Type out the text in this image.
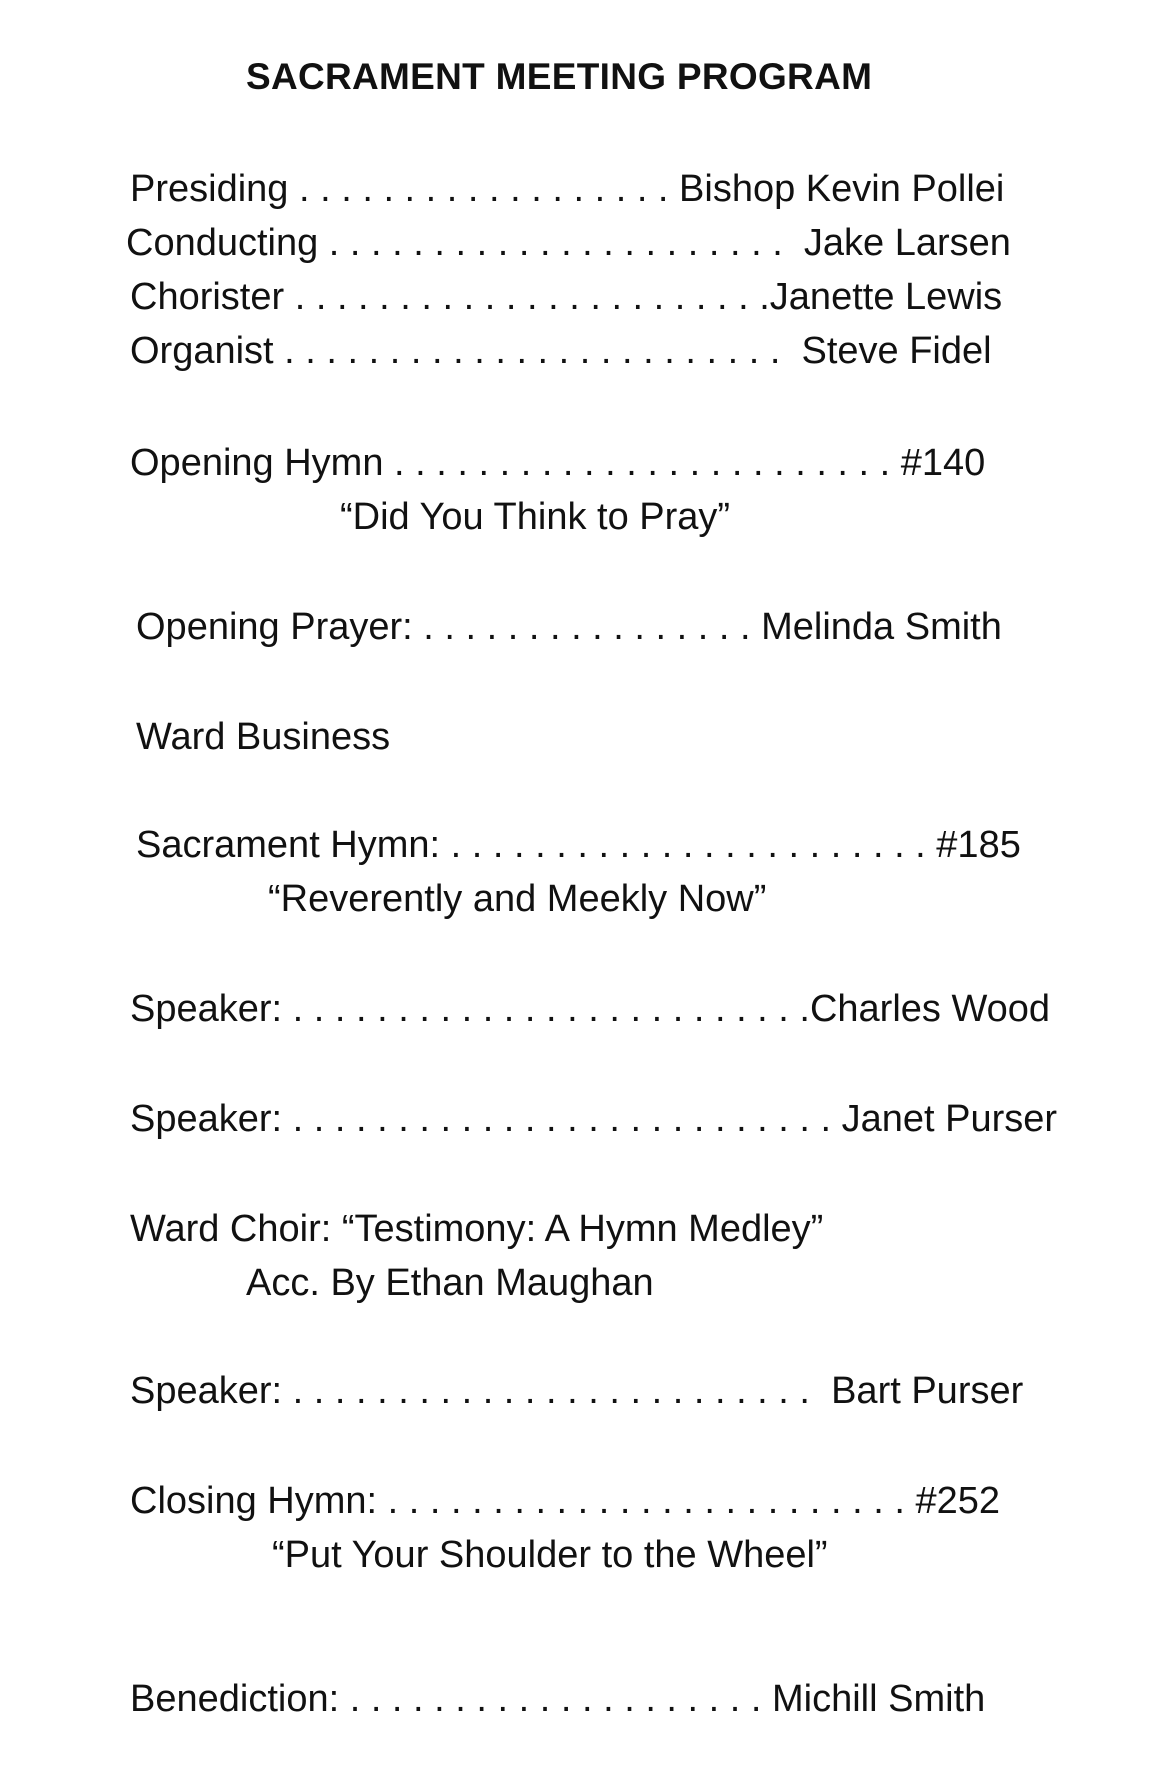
SACRAMENT MEETING PROGRAM
Presiding . . . . . . . . . . . . . . . . . . Bishop Kevin Pollei
Conducting . . . . . . . . . . . . . . . . . . . . . .  Jake Larsen
Chorister . . . . . . . . . . . . . . . . . . . . . . .Janette Lewis
Organist . . . . . . . . . . . . . . . . . . . . . . . .  Steve Fidel
Opening Hymn . . . . . . . . . . . . . . . . . . . . . . . . #140
“Did You Think to Pray”
Opening Prayer: . . . . . . . . . . . . . . . . Melinda Smith
Ward Business
Sacrament Hymn: . . . . . . . . . . . . . . . . . . . . . . . #185
“Reverently and Meekly Now”
Speaker: . . . . . . . . . . . . . . . . . . . . . . . . .Charles Wood
Speaker: . . . . . . . . . . . . . . . . . . . . . . . . . . Janet Purser
Ward Choir: “Testimony: A Hymn Medley”
Acc. By Ethan Maughan
Speaker: . . . . . . . . . . . . . . . . . . . . . . . . .  Bart Purser
Closing Hymn: . . . . . . . . . . . . . . . . . . . . . . . . . #252
“Put Your Shoulder to the Wheel”
Benediction: . . . . . . . . . . . . . . . . . . . . Michill Smith
